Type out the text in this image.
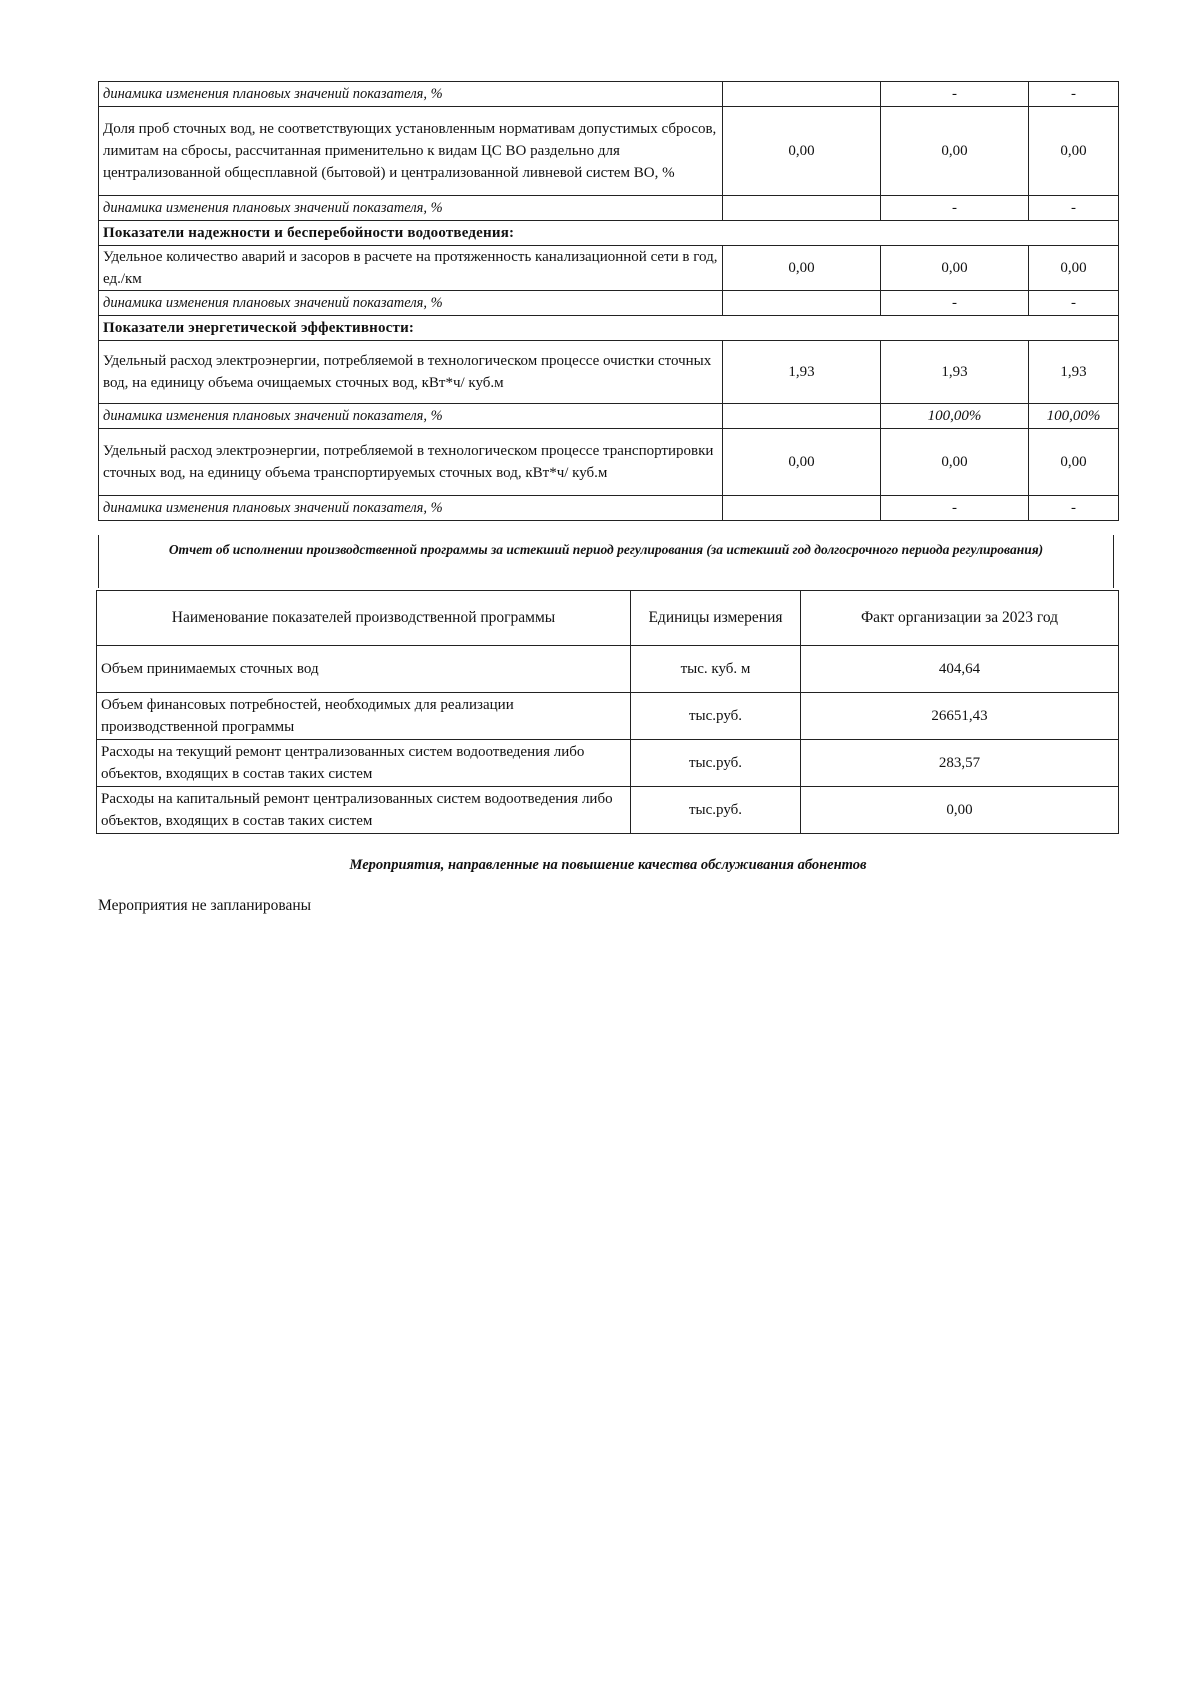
динамика изменения плановых значений показателя, %		-	-
Доля проб сточных вод, не соответствующих установленным нормативам допустимых сбросов, лимитам на сбросы, рассчитанная применительно к видам ЦС ВО раздельно для централизованной общесплавной (бытовой) и централизованной ливневой систем ВО, %	0,00	0,00	0,00
динамика изменения плановых значений показателя, %		-	-
Показатели надежности и бесперебойности водоотведения:			
Удельное количество аварий и засоров в расчете на протяженность канализационной сети в год, ед./км	0,00	0,00	0,00
динамика изменения плановых значений показателя, %		-	-
Показатели энергетической эффективности:			
Удельный расход электроэнергии, потребляемой в технологическом процессе очистки сточных вод, на единицу объема очищаемых сточных вод, кВт*ч/ куб.м	1,93	1,93	1,93
динамика изменения плановых значений показателя, %		100,00%	100,00%
Удельный расход электроэнергии, потребляемой в технологическом процессе транспортировки сточных вод, на единицу объема транспортируемых сточных вод, кВт*ч/ куб.м	0,00	0,00	0,00
динамика изменения плановых значений показателя, %		-	-
Отчет об исполнении производственной программы за истекший период регулирования (за истекший год долгосрочного периода регулирования)
Наименование показателей производственной программы	Единицы измерения	Факт организации за 2023 год
Объем принимаемых сточных вод	тыс. куб. м	404,64
Объем финансовых потребностей, необходимых для реализации производственной программы	тыс.руб.	26651,43
Расходы на текущий ремонт централизованных систем водоотведения либо объектов, входящих в состав таких систем	тыс.руб.	283,57
Расходы на капитальный ремонт централизованных систем водоотведения либо объектов, входящих в состав таких систем	тыс.руб.	0,00
Мероприятия, направленные на повышение качества обслуживания абонентов
Мероприятия не запланированы
